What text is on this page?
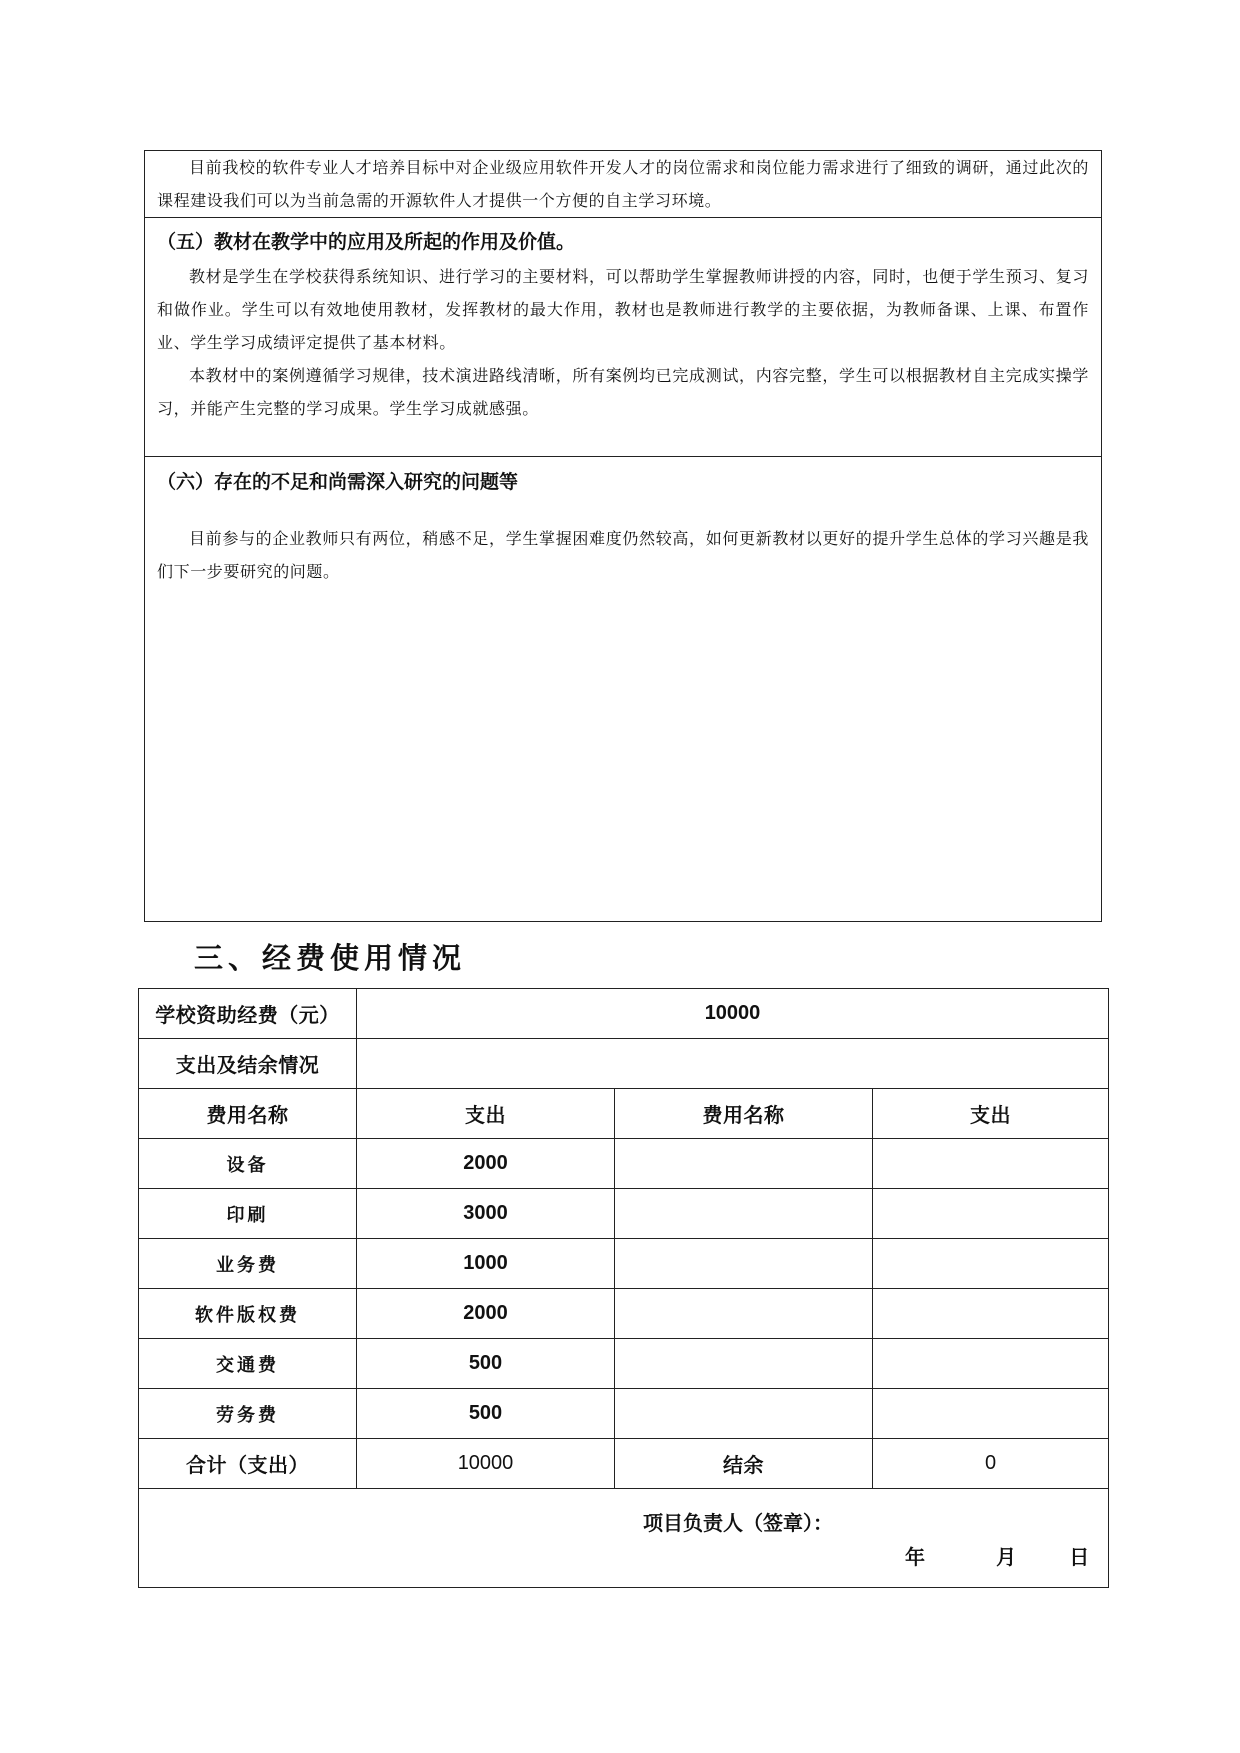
目前我校的软件专业人才培养目标中对企业级应用软件开发人才的岗位需求和岗位能力需求进行了细致的调研，通过此次的课程建设我们可以为当前急需的开源软件人才提供一个方便的自主学习环境。

（五）教材在教学中的应用及所起的作用及价值。

教材是学生在学校获得系统知识、进行学习的主要材料，可以帮助学生掌握教师讲授的内容，同时，也便于学生预习、复习和做作业。学生可以有效地使用教材，发挥教材的最大作用，教材也是教师进行教学的主要依据，为教师备课、上课、布置作业、学生学习成绩评定提供了基本材料。

本教材中的案例遵循学习规律，技术演进路线清晰，所有案例均已完成测试，内容完整，学生可以根据教材自主完成实操学习，并能产生完整的学习成果。学生学习成就感强。

（六）存在的不足和尚需深入研究的问题等

目前参与的企业教师只有两位，稍感不足，学生掌握困难度仍然较高，如何更新教材以更好的提升学生总体的学习兴趣是我们下一步要研究的问题。

三、经费使用情况
学校资助经费（元）	10000		
支出及结余情况			
费用名称	支出	费用名称	支出
设备	2000		
印刷	3000		
业务费	1000		
软件版权费	2000		
交通费	500		
劳务费	500		
合计（支出）	10000	结余	0

项目负责人（签章）：
年 月 日			
